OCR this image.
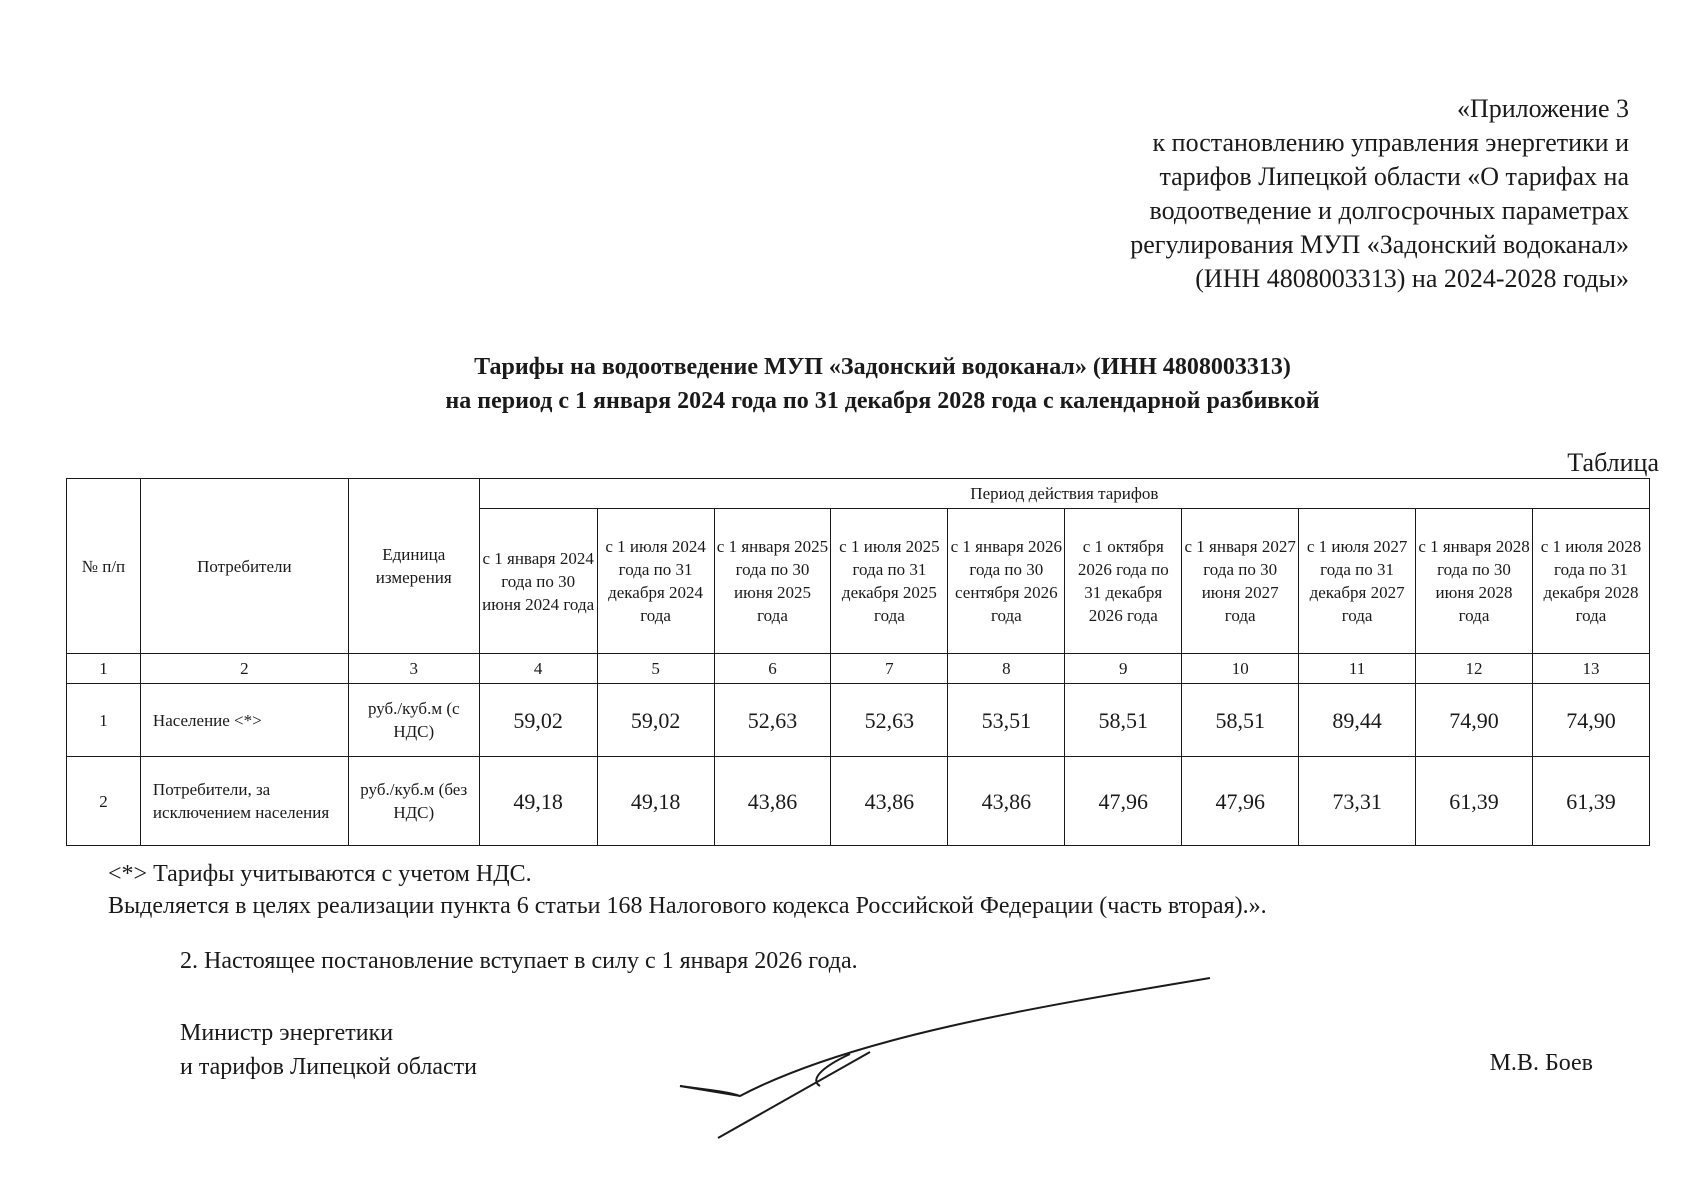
«Приложение 3
к постановлению управления энергетики и
тарифов Липецкой области «О тарифах на
водоотведение и долгосрочных параметрах
регулирования МУП «Задонский водоканал»
(ИНН 4808003313) на 2024-2028 годы»
Тарифы на водоотведение МУП «Задонский водоканал» (ИНН 4808003313)
на период с 1 января 2024 года по 31 декабря 2028 года с календарной разбивкой
Таблица
№ п/п	Потребители	Единица измерения	Период действия тарифов									
			с 1 января 2024 года по 30 июня 2024 года	с 1 июля 2024 года по 31 декабря 2024 года	с 1 января 2025 года по 30 июня 2025 года	с 1 июля 2025 года по 31 декабря 2025 года	с 1 января 2026 года по 30 сентября 2026 года	с 1 октября 2026 года по 31 декабря 2026 года	с 1 января 2027 года по 30 июня 2027 года	с 1 июля 2027 года по 31 декабря 2027 года	с 1 января 2028 года по 30 июня 2028 года	с 1 июля 2028 года по 31 декабря 2028 года
1	2	3	4	5	6	7	8	9	10	11	12	13
1	Население <*>	руб./куб.м (с НДС)	59,02	59,02	52,63	52,63	53,51	58,51	58,51	89,44	74,90	74,90
2	Потребители, за исключением населения	руб./куб.м (без НДС)	49,18	49,18	43,86	43,86	43,86	47,96	47,96	73,31	61,39	61,39
<*> Тарифы учитываются с учетом НДС.
Выделяется в целях реализации пункта 6 статьи 168 Налогового кодекса Российской Федерации (часть вторая).».
2. Настоящее постановление вступает в силу с 1 января 2026 года.
Министр энергетики
и тарифов Липецкой области	М.В. Боев
